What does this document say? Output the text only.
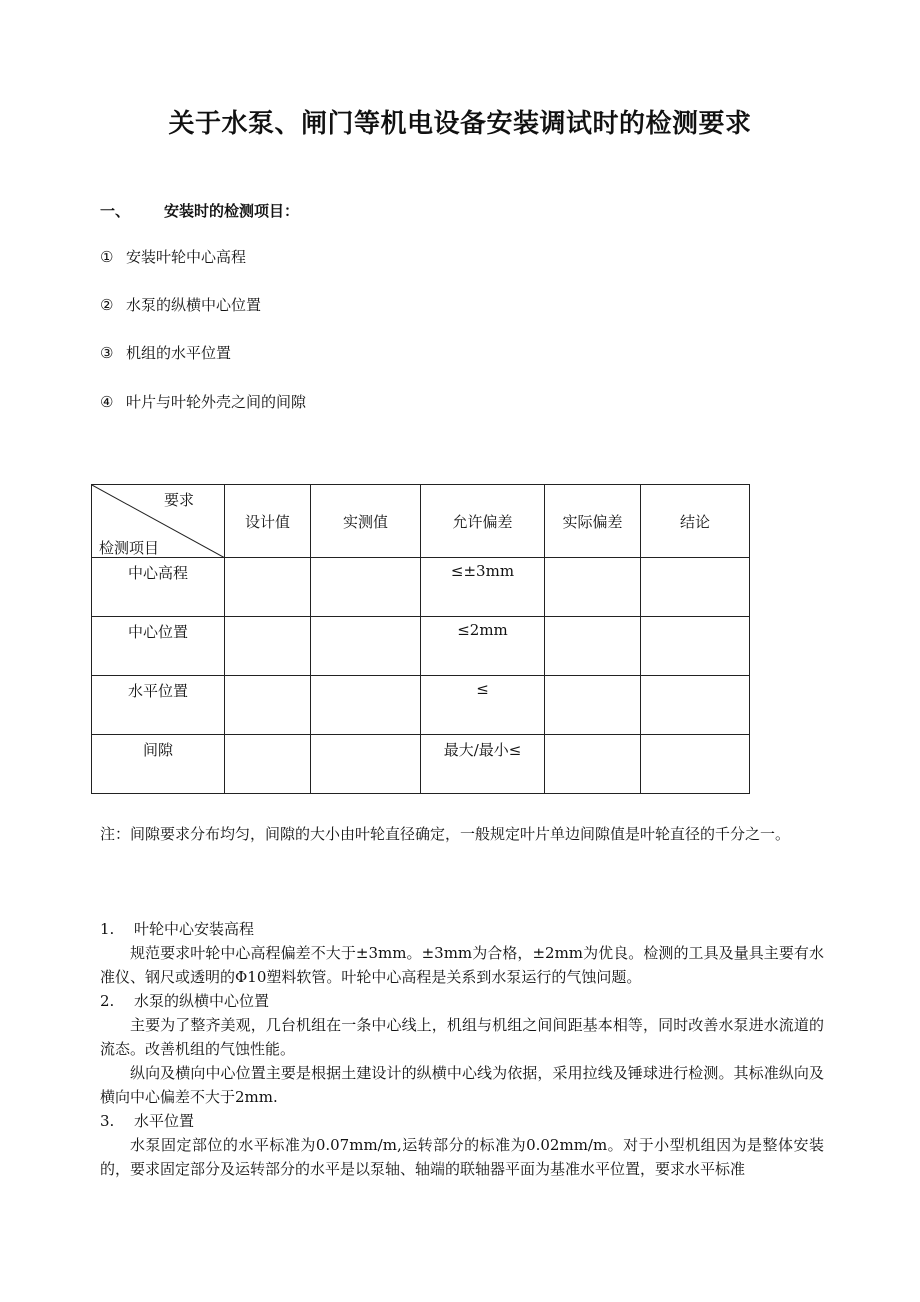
关于水泵、闸门等机电设备安装调试时的检测要求
一、 安装时的检测项目：
① 安装叶轮中心高程
② 水泵的纵横中心位置
③ 机组的水平位置
④ 叶片与叶轮外壳之间的间隙
要求
检测项目	设计值	实测值	允许偏差	实际偏差	结论

中心高程			≤±3mm		

中心位置			≤2mm		

水平位置			≤		

间隙			最大/最小≤		

注：间隙要求分布均匀，间隙的大小由叶轮直径确定，一般规定叶片单边间隙值是叶轮直径的千分之一。
1. 叶轮中心安装高程

规范要求叶轮中心高程偏差不大于±3mm。±3mm为合格，±2mm为优良。检测的工具及量具主要有水准仪、钢尺或透明的Φ10塑料软管。叶轮中心高程是关系到水泵运行的气蚀问题。

2. 水泵的纵横中心位置

主要为了整齐美观，几台机组在一条中心线上，机组与机组之间间距基本相等，同时改善水泵进水流道的流态。改善机组的气蚀性能。

纵向及横向中心位置主要是根据土建设计的纵横中心线为依据，采用拉线及锤球进行检测。其标准纵向及横向中心偏差不大于2mm.

3. 水平位置

水泵固定部位的水平标准为0.07mm/m,运转部分的标准为0.02mm/m。对于小型机组因为是整体安装的，要求固定部分及运转部分的水平是以泵轴、轴端的联轴器平面为基准水平位置，要求水平标准
